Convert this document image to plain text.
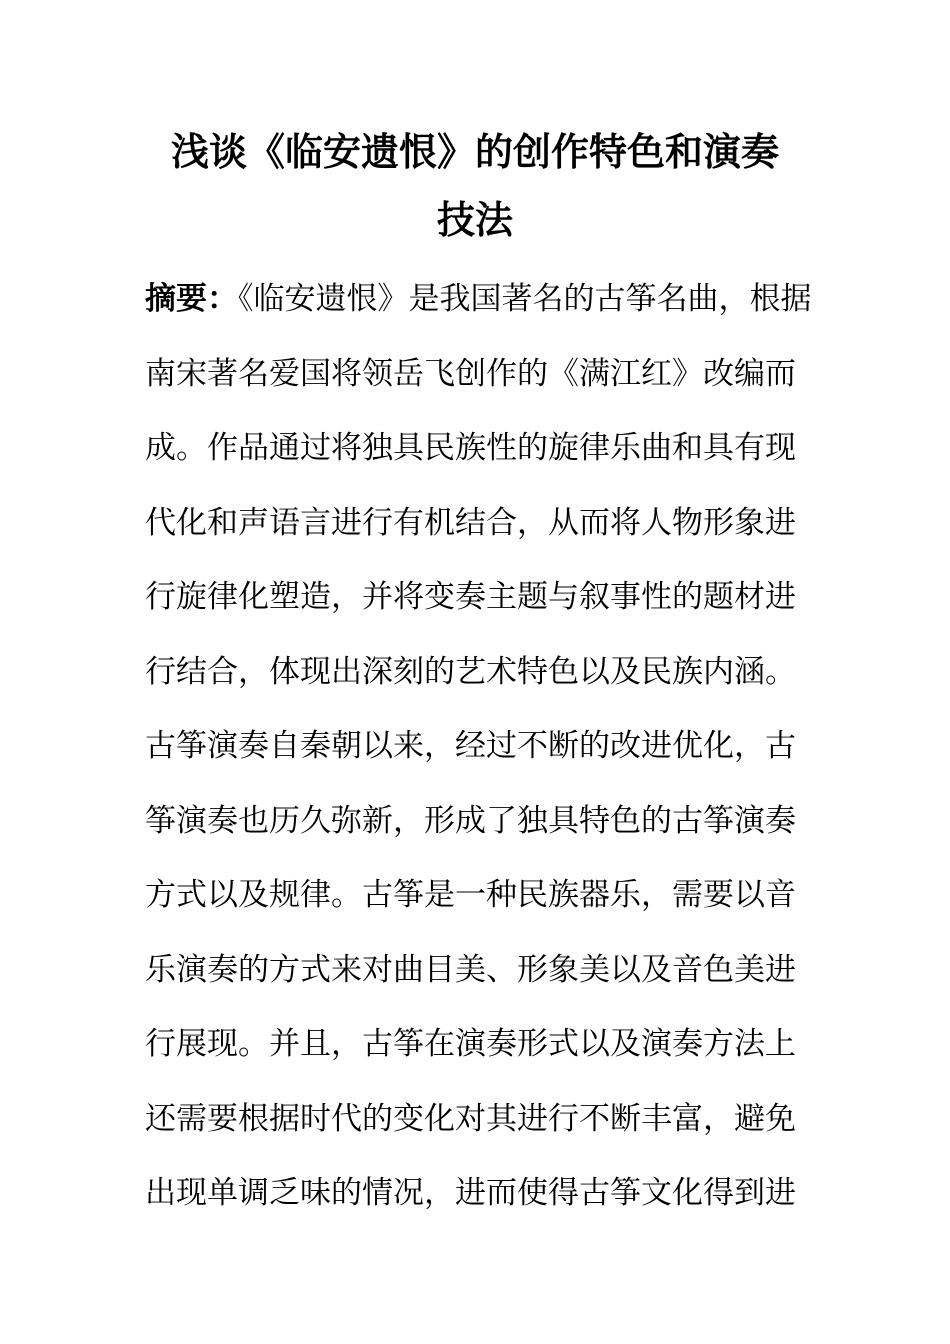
浅谈《临安遗恨》的创作特色和演奏
技法
摘要：《临安遗恨》是我国著名的古筝名曲，根据
南宋著名爱国将领岳飞创作的《满江红》改编而
成。作品通过将独具民族性的旋律乐曲和具有现
代化和声语言进行有机结合，从而将人物形象进
行旋律化塑造，并将变奏主题与叙事性的题材进
行结合，体现出深刻的艺术特色以及民族内涵。
古筝演奏自秦朝以来，经过不断的改进优化，古
筝演奏也历久弥新，形成了独具特色的古筝演奏
方式以及规律。古筝是一种民族器乐，需要以音
乐演奏的方式来对曲目美、形象美以及音色美进
行展现。并且，古筝在演奏形式以及演奏方法上
还需要根据时代的变化对其进行不断丰富，避免
出现单调乏味的情况，进而使得古筝文化得到进
